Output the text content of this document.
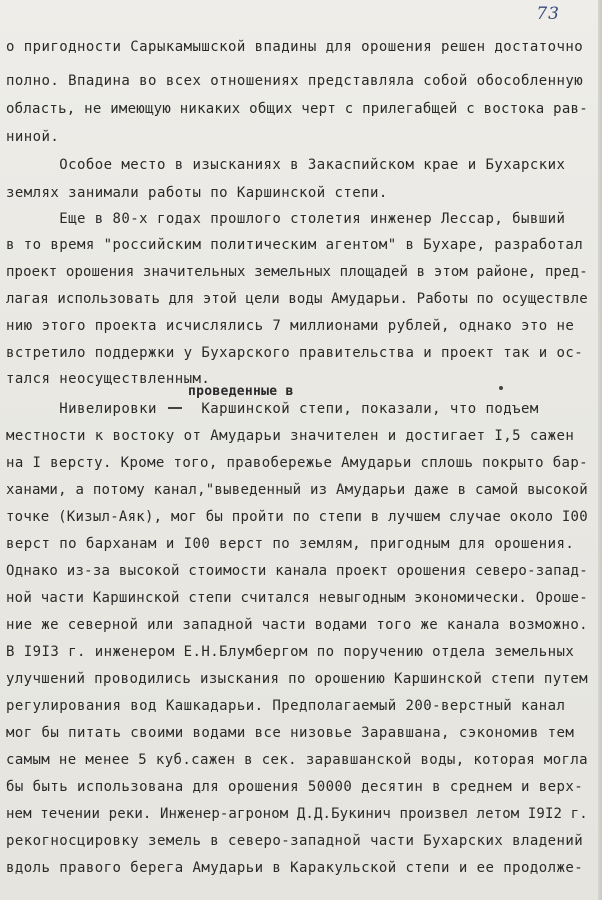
73
проведенные в
о пригодности Сарыкамышской впадины для орошения решен достаточно
полно. Впадина во всех отношениях представляла собой обособленную
область, не имеющую никаких общих черт с прилегабщей с востока рав-
ниной.
Особое место в изысканиях в Закаспийском крае и Бухарских
землях занимали работы по Каршинской степи.
Еще в 80-х годах прошлого столетия инженер Лессар, бывший
в то время "российским политическим агентом" в Бухаре, разработал
проект орошения значительных земельных площадей в этом районе, пред-
лагая использовать для этой цели воды Амударьи. Работы по осуществле
нию этого проекта исчислялись 7 миллионами рублей, однако это не
встретило поддержки у Бухарского правительства и проект так и ос-
тался неосуществленным.
Нивелировки     Каршинской степи, показали, что подъем
местности к востоку от Амударьи значителен и достигает I,5 сажен
на I версту. Кроме того, правобережье Амударьи сплошь покрыто бар-
ханами, а потому канал,"выведенный из Амударьи даже в самой высокой
точке (Кизыл-Аяк), мог бы пройти по степи в лучшем случае около I00
верст по барханам и I00 верст по землям, пригодным для орошения.
Однако из-за высокой стоимости канала проект орошения северо-запад-
ной части Каршинской степи считался невыгодным экономически. Ороше-
ние же северной или западной части водами того же канала возможно.
В I9I3 г. инженером Е.Н.Блумбергом по поручению отдела земельных
улучшений проводились изыскания по орошению Каршинской степи путем
регулирования вод Кашкадарьи. Предполагаемый 200-верстный канал
мог бы питать своими водами все низовье Заравшана, сэкономив тем
самым не менее 5 куб.сажен в сек. заравшанской воды, которая могла
бы быть использована для орошения 50000 десятин в среднем и верх-
нем течении реки. Инженер-агроном Д.Д.Букинич произвел летом I9I2 г.
рекогносцировку земель в северо-западной части Бухарских владений
вдоль правого берега Амударьи в Каракульской степи и ее продолже-
